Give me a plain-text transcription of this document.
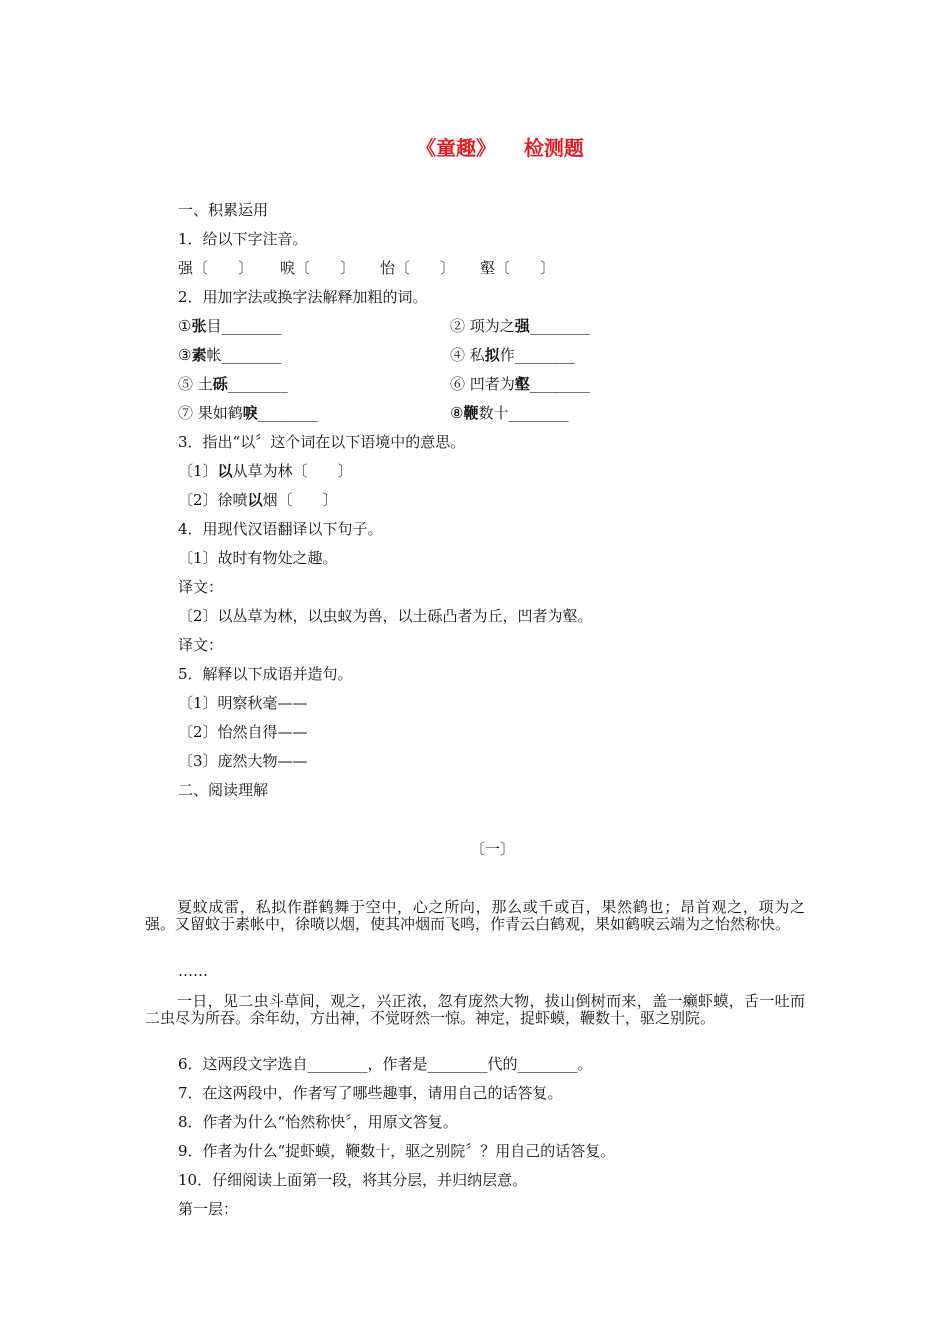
《童趣》    检测题
一、积累运用
1．给以下字注音。
强〔　　〕 唳〔　　〕 怡〔　　〕 壑〔　　〕
2．用加字法或换字法解释加粗的词。
①张目________	② 项为之强________
③素帐________	④ 私拟作________
⑤ 土砾________	⑥ 凹者为壑________
⑦ 果如鹤唳________	⑧鞭数十________
3．指出“以〞这个词在以下语境中的意思。
〔1〕以从草为林〔　　〕
〔2〕徐喷以烟〔　　〕
4．用现代汉语翻译以下句子。
〔1〕故时有物处之趣。
译文：
〔2〕以丛草为林，以虫蚁为兽，以土砾凸者为丘，凹者为壑。
译文：
5．解释以下成语并造句。
〔1〕明察秋毫——
〔2〕怡然自得——
〔3〕庞然大物——
二、阅读理解
〔一〕
夏蚊成雷，私拟作群鹤舞于空中，心之所向，那么或千或百，果然鹤也；昂首观之，项为之强。又留蚊于素帐中，徐喷以烟，使其冲烟而飞鸣，作青云白鹤观，果如鹤唳云端为之怡然称快。
……
一日，见二虫斗草间，观之，兴正浓，忽有庞然大物，拔山倒树而来，盖一癞虾蟆，舌一吐而二虫尽为所吞。余年幼，方出神，不觉呀然一惊。神定，捉虾蟆，鞭数十，驱之别院。
6．这两段文字选自________，作者是________代的________。
7．在这两段中，作者写了哪些趣事，请用自己的话答复。
8．作者为什么“怡然称快〞，用原文答复。
9．作者为什么“捉虾蟆，鞭数十，驱之别院〞？用自己的话答复。
10．仔细阅读上面第一段，将其分层，并归纳层意。
第一层：
